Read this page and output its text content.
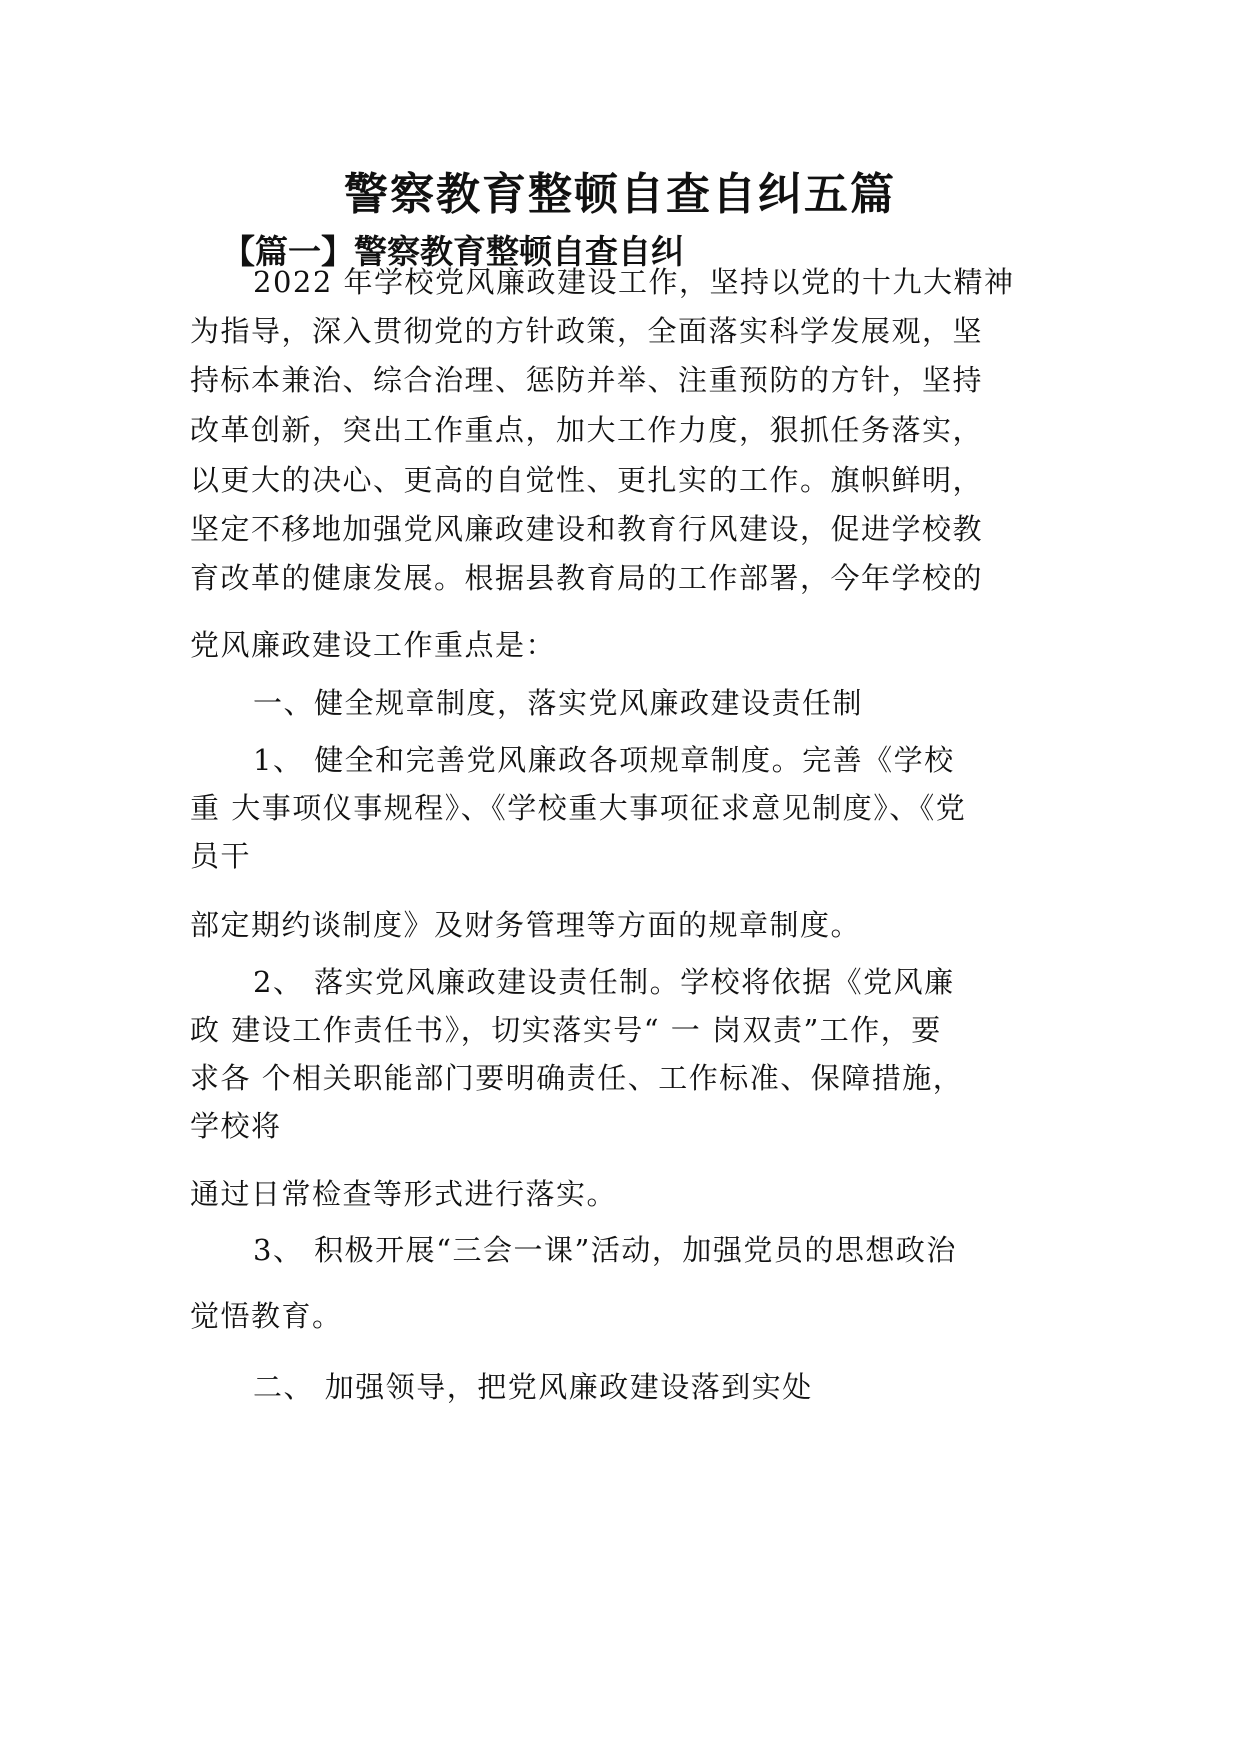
警察教育整顿自查自纠五篇
【篇一】警察教育整顿自查自纠
2022 年学校党风廉政建设工作，坚持以党的十九大精神
为指导，深入贯彻党的方针政策，全面落实科学发展观，坚
持标本兼治、综合治理、惩防并举、注重预防的方针，坚持
改革创新，突出工作重点，加大工作力度，狠抓任务落实，
以更大的决心、更高的自觉性、更扎实的工作。旗帜鲜明，
坚定不移地加强党风廉政建设和教育行风建设，促进学校教
育改革的健康发展。根据县教育局的工作部署，今年学校的
党风廉政建设工作重点是：
一、健全规章制度，落实党风廉政建设责任制
1、 健全和完善党风廉政各项规章制度。完善《学校
重 大事项仪事规程》、《学校重大事项征求意见制度》、《党
员干
部定期约谈制度》及财务管理等方面的规章制度。
2、 落实党风廉政建设责任制。学校将依据《党风廉
政 建设工作责任书》，切实落实号“ 一 岗双责”工作，要
求各 个相关职能部门要明确责任、工作标准、保障措施，
学校将
通过日常检查等形式进行落实。
3、 积极开展“三会一课”活动，加强党员的思想政治
觉悟教育。
二、 加强领导，把党风廉政建设落到实处
